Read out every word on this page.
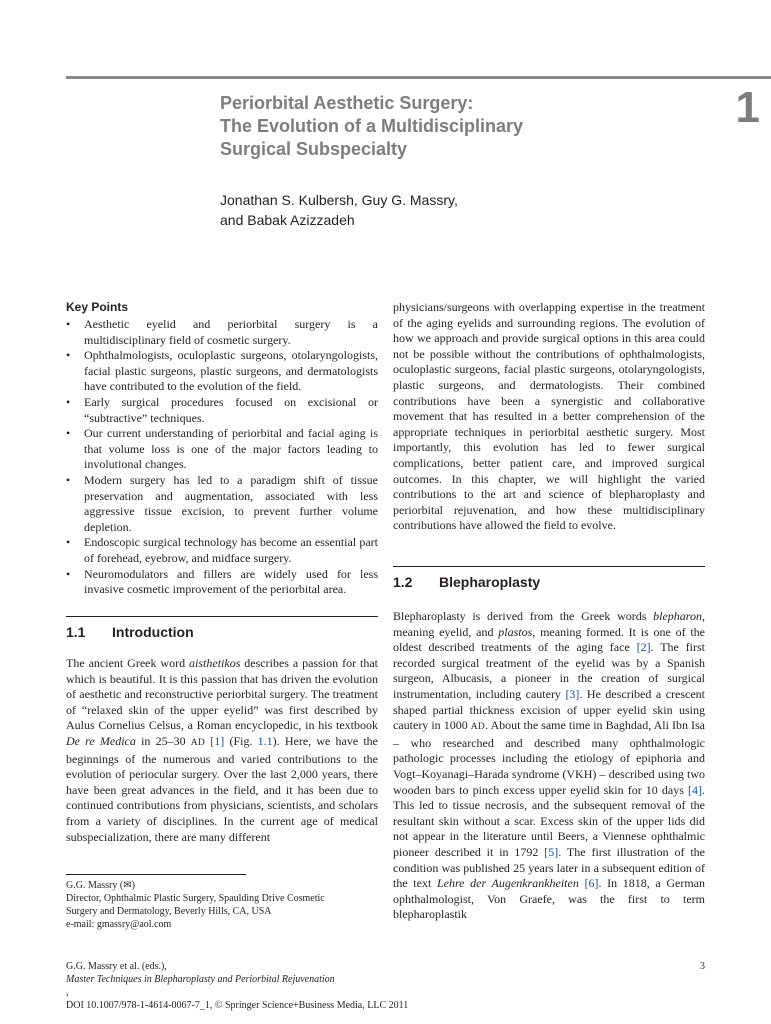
1
Periorbital Aesthetic Surgery:
The Evolution of a Multidisciplinary
Surgical Subspecialty
Jonathan S. Kulbersh, Guy G. Massry,
and Babak Azizzadeh
Key Points
• Aesthetic eyelid and periorbital surgery is a multidisciplinary field of cosmetic surgery.
• Ophthalmologists, oculoplastic surgeons, otolaryngologists, facial plastic surgeons, plastic surgeons, and dermatologists have contributed to the evolution of the field.
• Early surgical procedures focused on excisional or “subtractive” techniques.
• Our current understanding of periorbital and facial aging is that volume loss is one of the major factors leading to involutional changes.
• Modern surgery has led to a paradigm shift of tissue preservation and augmentation, associated with less aggressive tissue excision, to prevent further volume depletion.
• Endoscopic surgical technology has become an essential part of forehead, eyebrow, and midface surgery.
• Neuromodulators and fillers are widely used for less invasive cosmetic improvement of the periorbital area.
1.1 Introduction

The ancient Greek word aisthetikos describes a passion for that which is beautiful. It is this passion that has driven the evolution of aesthetic and reconstructive periorbital surgery. The treatment of “relaxed skin of the upper eyelid” was first described by Aulus Cornelius Celsus, a Roman encyclopedic, in his textbook De re Medica in 25–30 AD [1] (Fig. 1.1). Here, we have the beginnings of the numerous and varied contributions to the evolution of periocular surgery. Over the last 2,000 years, there have been great advances in the field, and it has been due to continued contributions from physicians, scientists, and scholars from a variety of disciplines. In the current age of medical subspecialization, there are many different

physicians/surgeons with overlapping expertise in the treatment of the aging eyelids and surrounding regions. The evolution of how we approach and provide surgical options in this area could not be possible without the contributions of ophthalmologists, oculoplastic surgeons, facial plastic surgeons, otolaryngologists, plastic surgeons, and dermatologists. Their combined contributions have been a synergistic and collaborative movement that has resulted in a better comprehension of the appropriate techniques in periorbital aesthetic surgery. Most importantly, this evolution has led to fewer surgical complications, better patient care, and improved surgical outcomes. In this chapter, we will highlight the varied contributions to the art and science of blepharoplasty and periorbital rejuvenation, and how these multidisciplinary contributions have allowed the field to evolve.

1.2 Blepharoplasty

Blepharoplasty is derived from the Greek words blepharon, meaning eyelid, and plastos, meaning formed. It is one of the oldest described treatments of the aging face [2]. The first recorded surgical treatment of the eyelid was by a Spanish surgeon, Albucasis, a pioneer in the creation of surgical instrumentation, including cautery [3]. He described a crescent shaped partial thickness excision of upper eyelid skin using cautery in 1000 AD. About the same time in Baghdad, Ali Ibn Isa – who researched and described many ophthalmologic pathologic processes including the etiology of epiphoria and Vogt–Koyanagi–Harada syndrome (VKH) – described using two wooden bars to pinch excess upper eyelid skin for 10 days [4]. This led to tissue necrosis, and the subsequent removal of the resultant skin without a scar. Excess skin of the upper lids did not appear in the literature until Beers, a Viennese ophthalmic pioneer described it in 1792 [5]. The first illustration of the condition was published 25 years later in a subsequent edition of the text Lehre der Augenkrankheiten [6]. In 1818, a German ophthalmologist, Von Graefe, was the first to term blepharoplastik

G.G. Massry (✉)
Director, Ophthalmic Plastic Surgery, Spaulding Drive Cosmetic
Surgery and Dermatology, Beverly Hills, CA, USA
e-mail: gmassry@aol.com
G.G. Massry et al. (eds.),
Master Techniques in Blepharoplasty and Periorbital Rejuvenation
,
DOI 10.1007/978-1-4614-0067-7_1, © Springer Science+Business Media, LLC 2011
3
